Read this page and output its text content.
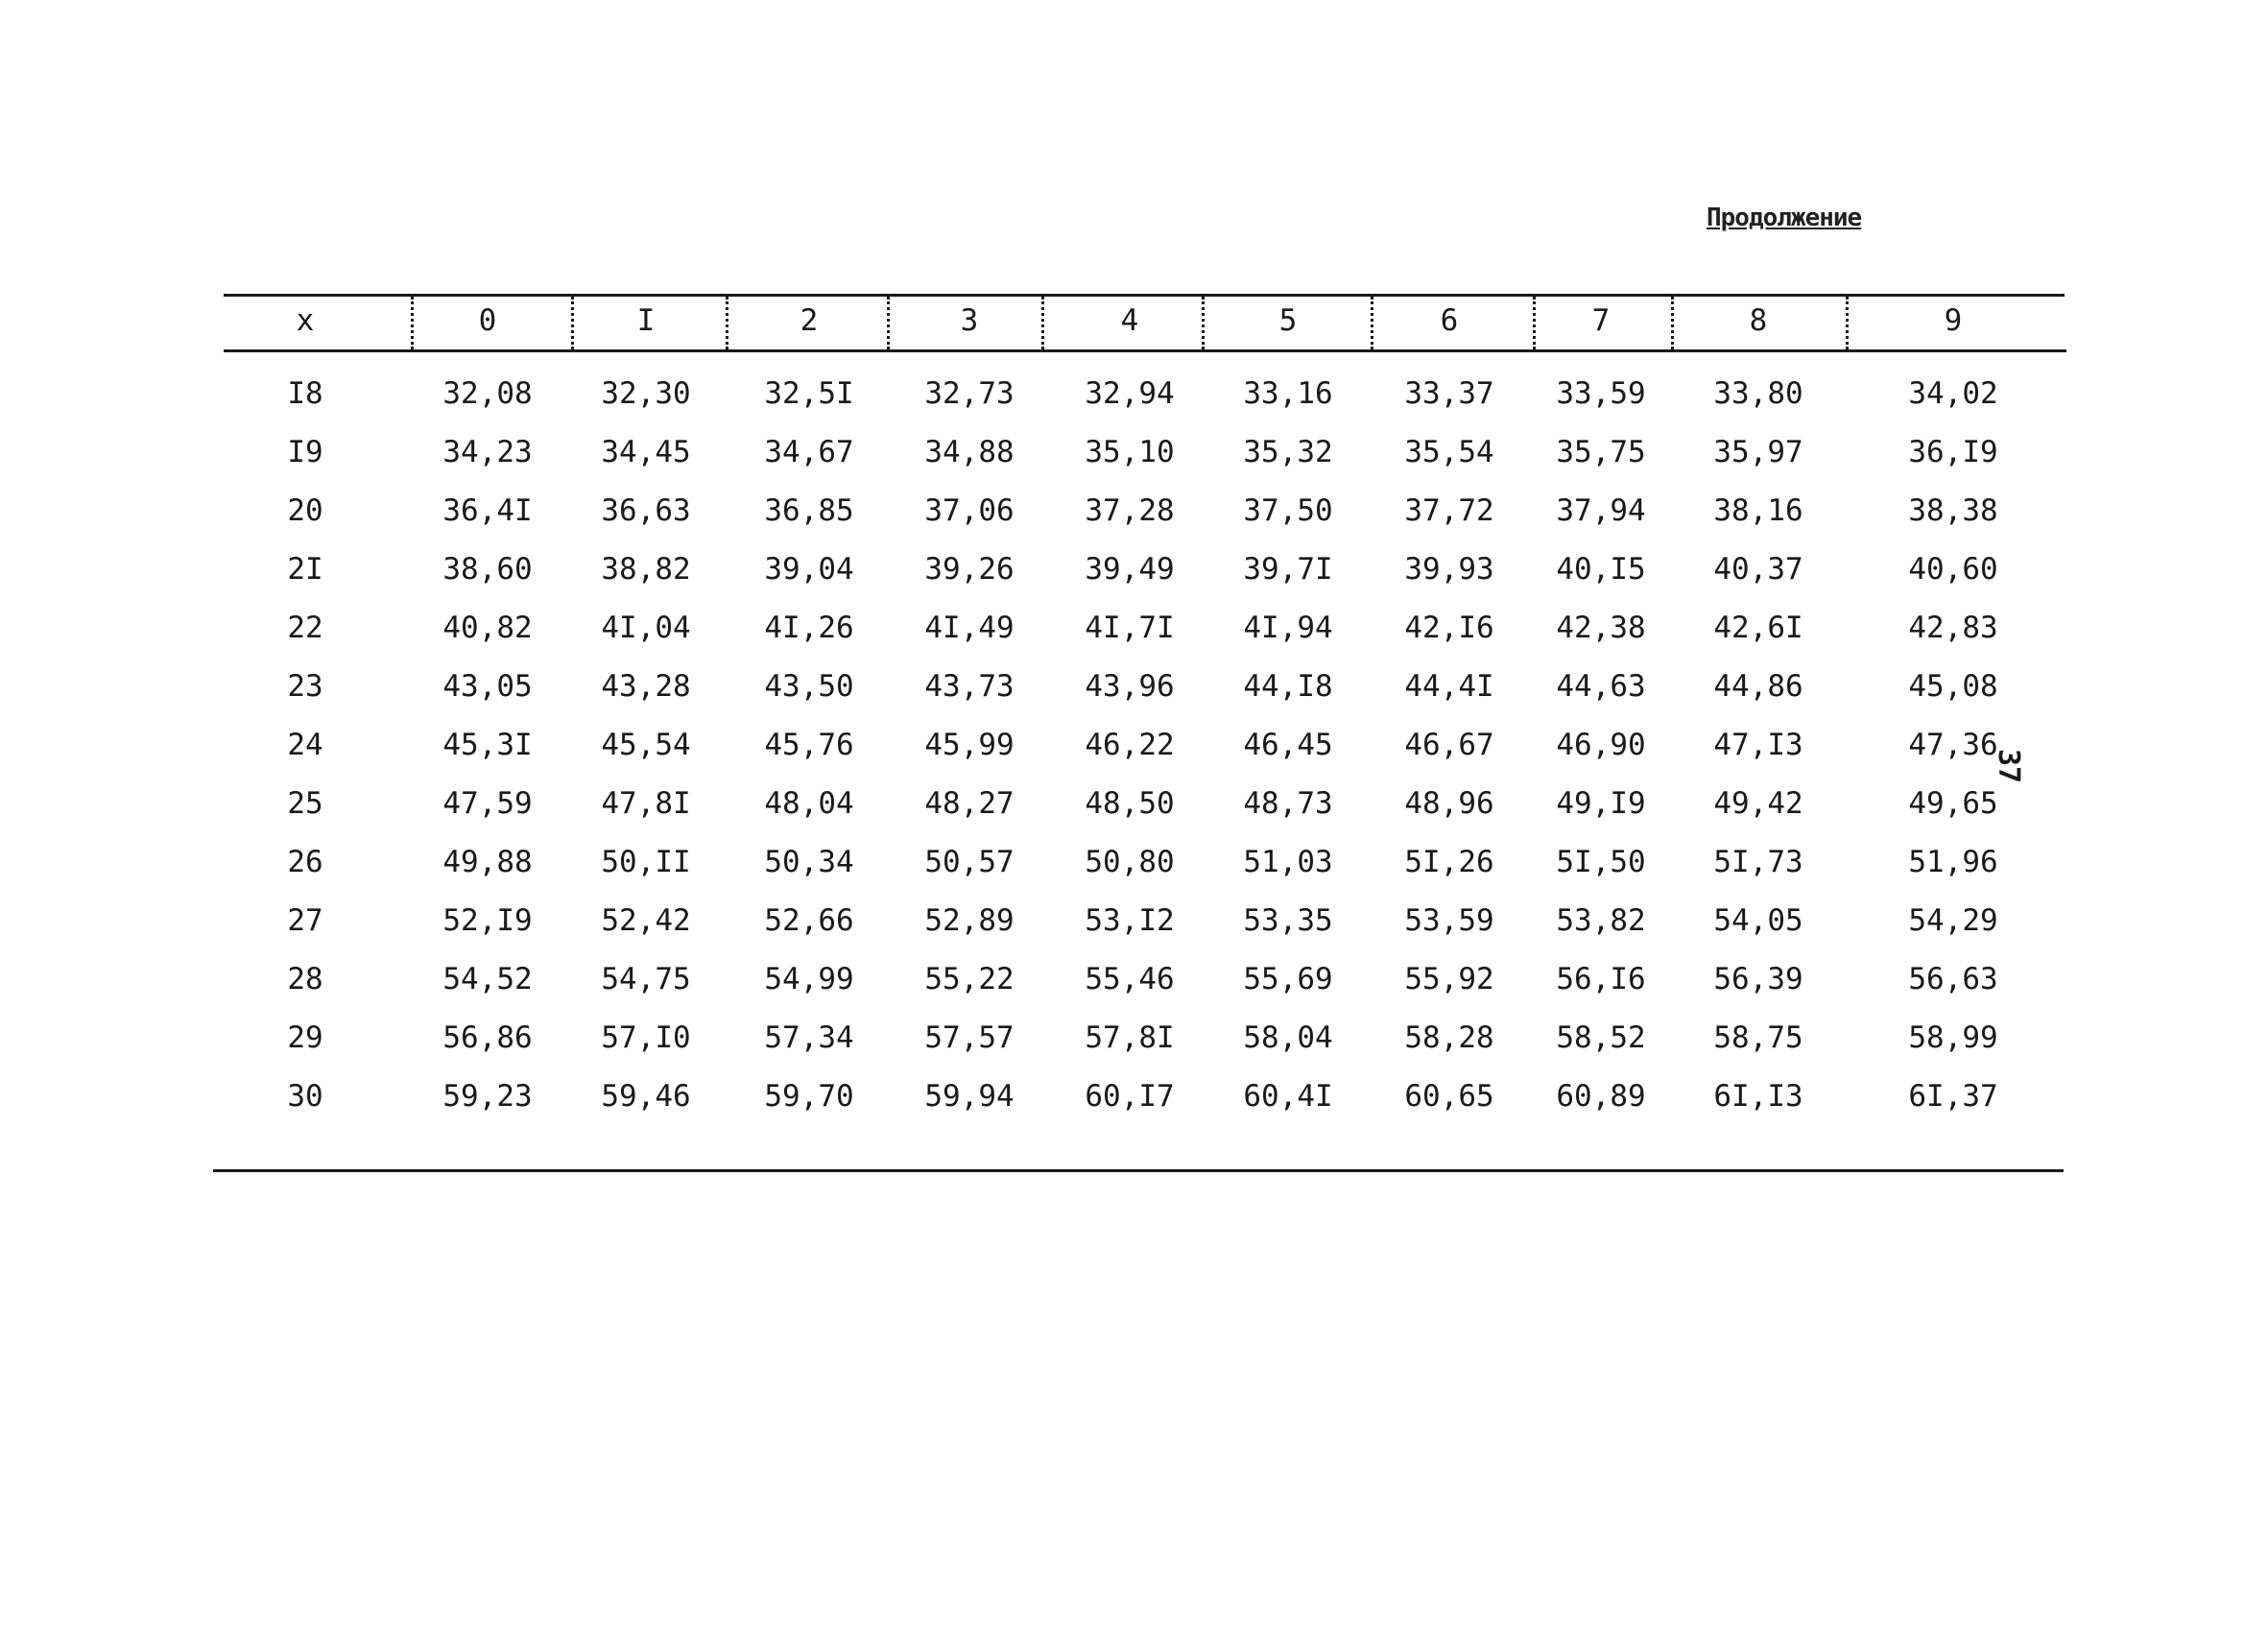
Продолжение
37
x	0	I	2	3	4	5	6	7	8	9
I8	32,08 32,30 32,5I 32,73 32,94 33,16 33,37 33,59 33,80	34,02
I9	34,23 34,45 34,67 34,88 35,10 35,32 35,54 35,75 35,97	36,I9
20	36,4I 36,63 36,85 37,06 37,28 37,50 37,72 37,94 38,16	38,38
2I	38,60 38,82 39,04 39,26 39,49 39,7I 39,93 40,I5 40,37	40,60
22	40,82 4I,04 4I,26 4I,49 4I,7I 4I,94 42,I6 42,38 42,6I	42,83
23	43,05 43,28 43,50 43,73 43,96 44,I8 44,4I 44,63 44,86	45,08
24	45,3I 45,54 45,76 45,99 46,22 46,45 46,67 46,90 47,I3	47,36
25	47,59 47,8I 48,04 48,27 48,50 48,73 48,96 49,I9 49,42	49,65
26	49,88 50,II 50,34 50,57 50,80 51,03 5I,26 5I,50 5I,73	51,96
27	52,I9 52,42 52,66 52,89 53,I2 53,35 53,59 53,82 54,05	54,29
28	54,52 54,75 54,99 55,22 55,46 55,69 55,92 56,I6 56,39	56,63
29	56,86 57,I0 57,34 57,57 57,8I 58,04 58,28 58,52 58,75	58,99
30	59,23 59,46 59,70 59,94 60,I7 60,4I 60,65 60,89 6I,I3	6I,37
